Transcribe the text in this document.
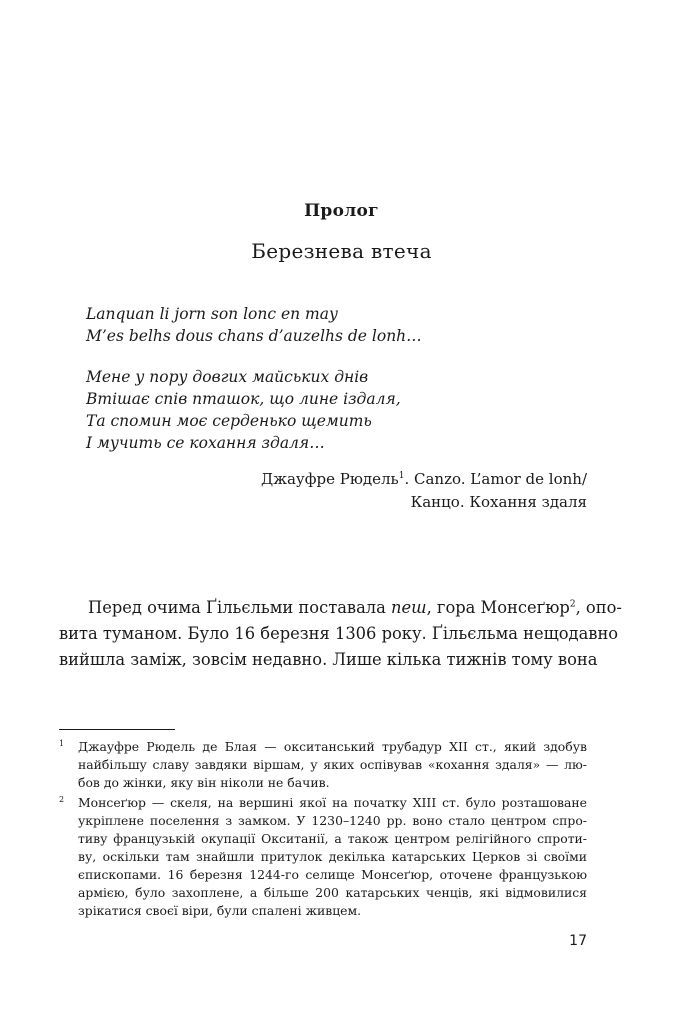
Пролог
Березнева втеча
Lanquan li jorn son lonc en may
M’es belhs dous chans d’auzelhs de lonh…
Мене у пору довгих майських днів
Втішає спів пташок, що лине іздаля,
Та спомин моє серденько щемить
І мучить се кохання здаля…
Джауфре Рюдель$^1$. Canzo. L’amor de lonh/
Канцо. Кохання здаля
Перед очима Ґільєльми поставала пеш, гора Монсеґюр$^2$, опо-
вита туманом. Було 16 березня 1306 року. Ґільєльма нещодавно
вийшла заміж, зовсім недавно. Лише кілька тижнів тому вона
1 Джауфре Рюдель де Блая — окситанський трубадур XII ст., який здобув
найбільшу славу завдяки віршам, у яких оспівував «кохання здаля» — лю-
бов до жінки, яку він ніколи не бачив.
2 Монсеґюр — скеля, на вершині якої на початку XIII ст. було розташоване
укріплене поселення з замком. У 1230–1240 рр. воно стало центром спро-
тиву французькій окупації Окситанії, а також центром релігійного спроти-
ву, оскільки там знайшли притулок декілька катарських Церков зі своїми
єпископами. 16 березня 1244-го селище Монсеґюр, оточене французькою
армією, було захоплене, а більше 200 катарських ченців, які відмовилися
зрікатися своєї віри, були спалені живцем.
17
